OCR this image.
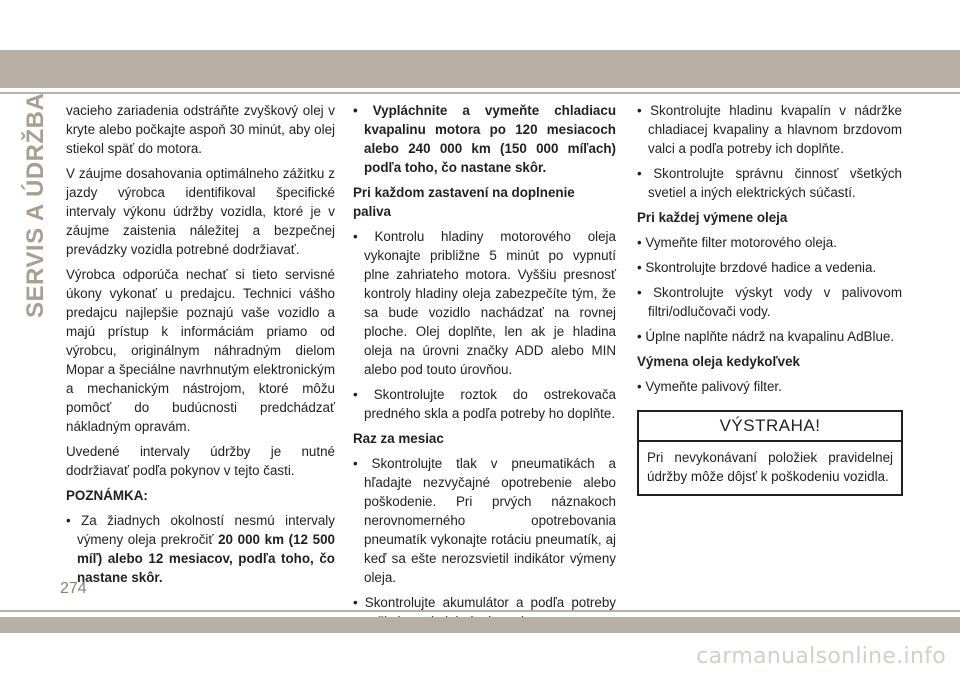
SERVIS A ÚDRŽBA vacieho zariadenia odstráňte zvyškový olej v kryte alebo počkajte aspoň 30 minút, aby olej stiekol späť do motora.

V záujme dosahovania optimálneho zážitku z jazdy výrobca identifikoval špecifické intervaly výkonu údržby vozidla, ktoré je v záujme zaistenia náležitej a bezpečnej prevádzky vozidla potrebné dodržiavať.

Výrobca odporúča nechať si tieto servisné úkony vykonať u predajcu. Technici vášho predajcu najlepšie poznajú vaše vozidlo a majú prístup k informáciám priamo od výrobcu, originálnym náhradným dielom Mopar a špeciálne navrhnutým elektronickým a mechanickým nástrojom, ktoré môžu pomôcť do budúcnosti predchádzať nákladným opravám.

Uvedené intervaly údržby je nutné dodržiavať podľa pokynov v tejto časti.

POZNÁMKA:

• Za žiadnych okolností nesmú intervaly výmeny oleja prekročiť 20 000 km (12 500 míľ) alebo 12 mesiacov, podľa toho, čo nastane skôr.

• Vypláchnite a vymeňte chladiacu kvapalinu motora po 120 mesiacoch alebo 240 000 km (150 000 míľach) podľa toho, čo nastane skôr.

Pri každom zastavení na doplnenie paliva

• Kontrolu hladiny motorového oleja vykonajte približne 5 minút po vypnutí plne zahriateho motora. Vyššiu presnosť kontroly hladiny oleja zabezpečíte tým, že sa bude vozidlo nachádzať na rovnej ploche. Olej doplňte, len ak je hladina oleja na úrovni značky ADD alebo MIN alebo pod touto úrovňou.

• Skontrolujte roztok do ostrekovača predného skla a podľa potreby ho doplňte.

Raz za mesiac

• Skontrolujte tlak v pneumatikách a hľadajte nezvyčajné opotrebenie alebo poškodenie. Pri prvých náznakoch nerovnomerného opotrebovania pneumatík vykonajte rotáciu pneumatík, aj keď sa ešte nerozsvietil indikátor výmeny oleja.

• Skontrolujte akumulátor a podľa potreby

• Skontrolujte hladinu kvapalín v nádržke chladiacej kvapaliny a hlavnom brzdovom valci a podľa potreby ich doplňte.

• Skontrolujte správnu činnosť všetkých svetiel a iných elektrických súčastí.

Pri každej výmene oleja

• Vymeňte filter motorového oleja.

• Skontrolujte brzdové hadice a vedenia.

• Skontrolujte výskyt vody v palivovom filtri/odlučovači vody.

• Úplne naplňte nádrž na kvapalinu AdBlue.

Výmena oleja kedykoľvek

• Vymeňte palivový filter.

VÝSTRAHA!
Pri nevykonávaní položiek pravidelnej údržby môže dôjsť k poškodeniu vozidla.
274
carmanualsonline.info
